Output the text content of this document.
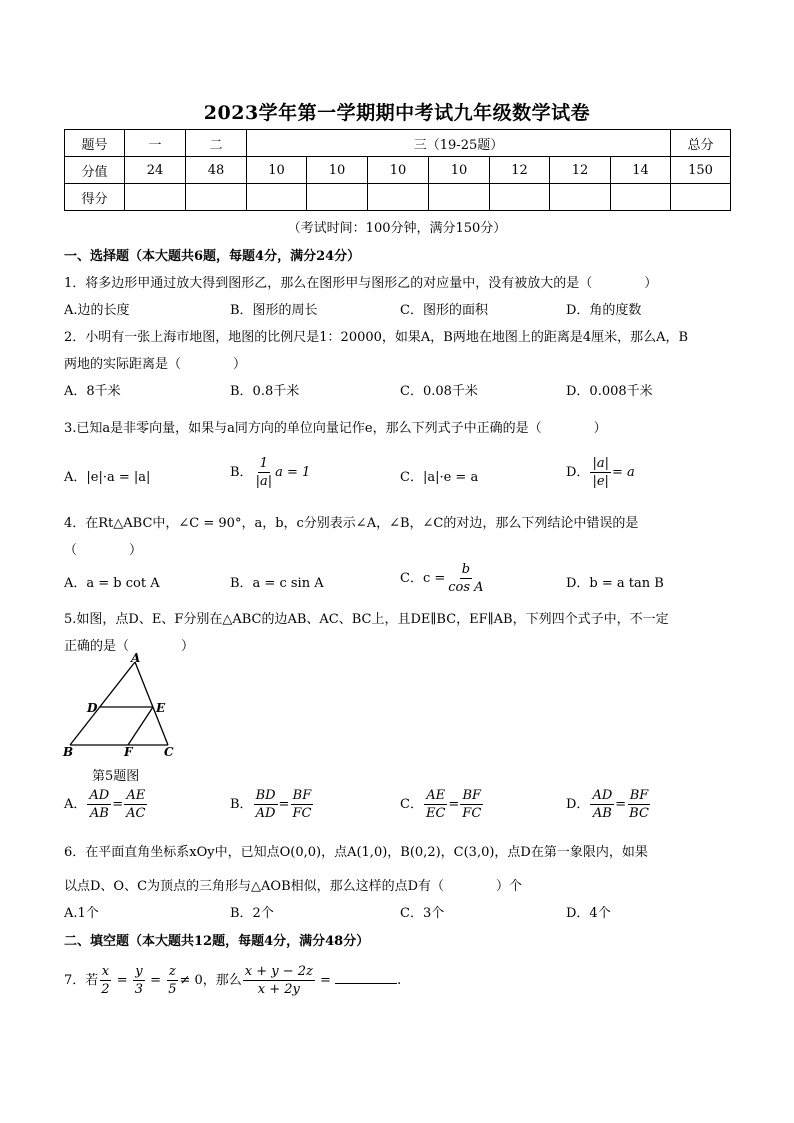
2023学年第一学期期中考试九年级数学试卷
题号	一	二	三（19-25题）							总分
分值	24	48	10	10	10	10	12	12	14	150
得分										
（考试时间：100分钟，满分150分）
一、选择题（本大题共6题，每题4分，满分24分）
1．将多边形甲通过放大得到图形乙，那么在图形甲与图形乙的对应量中，没有被放大的是（　　　　）
A.边的长度	B．图形的周长	C．图形的面积	D．角的度数
2．小明有一张上海市地图，地图的比例尺是1：20000，如果A，B两地在地图上的距离是4厘米，那么A，B
两地的实际距离是（　　　　）
A．8千米	B．0.8千米	C．0.08千米	D．0.008千米
3.已知a是非零向量，如果与a同方向的单位向量记作e，那么下列式子中正确的是（　　　　）
A．|e|·a = |a|	B． $\frac{1}{|a|}$ a = 1	C．|a|·e = a	D． $\frac{|a|}{|e|} = a$
4．在Rt△ABC中，∠C = 90°，a，b，c分别表示∠A，∠B，∠C的对边，那么下列结论中错误的是
（　　　　）
A．a = b cot A	B．a = c sin A	C．$c = \frac{b}{\text{cos A}}$	D．b = a tan B
5.如图，点D、E、F分别在△ABC的边AB、AC、BC上，且DE∥BC，EF∥AB，下列四个式子中，不一定
正确的是（　　　　）
A
D	E
B	F	C
第5题图
A． $\frac{AD}{AB} = \frac{AE}{AC}$	B． $\frac{BD}{AD} = \frac{BF}{FC}$	C． $\frac{AE}{EC} = \frac{BF}{FC}$	D． $\frac{AD}{AB} = \frac{BF}{BC}$
6．在平面直角坐标系xOy中，已知点O(0,0)，点A(1,0)，B(0,2)，C(3,0)，点D在第一象限内，如果
以点D、O、C为顶点的三角形与△AOB相似，那么这样的点D有（　　　　）个
A.1个	B．2个	C．3个	D．4个
二、填空题（本大题共12题，每题4分，满分48分）
7．若 $\frac{x}{2} = \frac{y}{3} = \frac{z}{5} \ne 0$，那么 $\frac{x + y - 2z}{x + 2y}$ =	.
